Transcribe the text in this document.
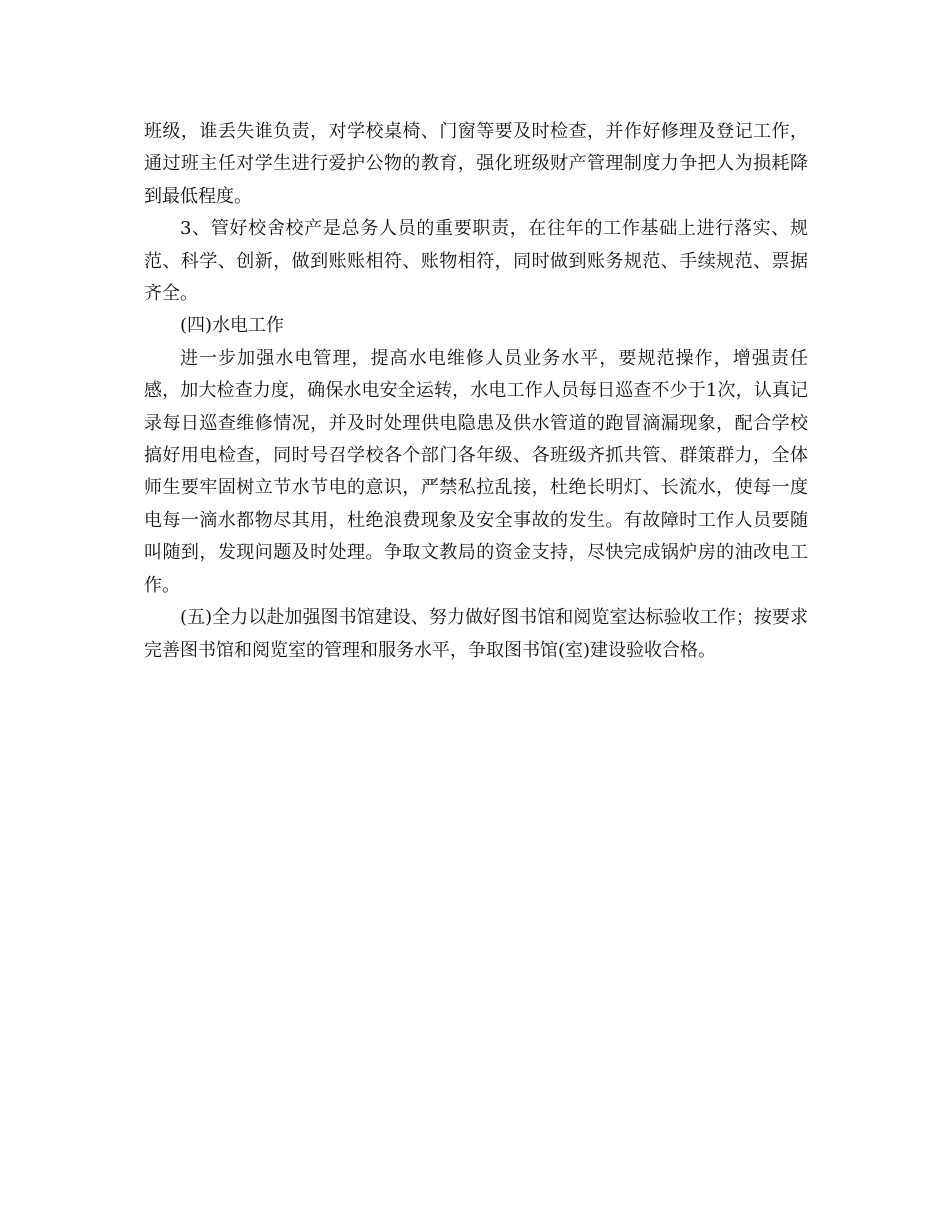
班级，谁丢失谁负责，对学校桌椅、门窗等要及时检查，并作好修理及登记工作，通过班主任对学生进行爱护公物的教育，强化班级财产管理制度力争把人为损耗降到最低程度。

3、管好校舍校产是总务人员的重要职责，在往年的工作基础上进行落实、规范、科学、创新，做到账账相符、账物相符，同时做到账务规范、手续规范、票据齐全。

(四)水电工作

进一步加强水电管理，提高水电维修人员业务水平，要规范操作，增强责任感，加大检查力度，确保水电安全运转，水电工作人员每日巡查不少于1次，认真记录每日巡查维修情况，并及时处理供电隐患及供水管道的跑冒滴漏现象，配合学校搞好用电检查，同时号召学校各个部门各年级、各班级齐抓共管、群策群力，全体师生要牢固树立节水节电的意识，严禁私拉乱接，杜绝长明灯、长流水，使每一度电每一滴水都物尽其用，杜绝浪费现象及安全事故的发生。有故障时工作人员要随叫随到，发现问题及时处理。争取文教局的资金支持，尽快完成锅炉房的油改电工作。

(五)全力以赴加强图书馆建设、努力做好图书馆和阅览室达标验收工作；按要求完善图书馆和阅览室的管理和服务水平，争取图书馆(室)建设验收合格。
